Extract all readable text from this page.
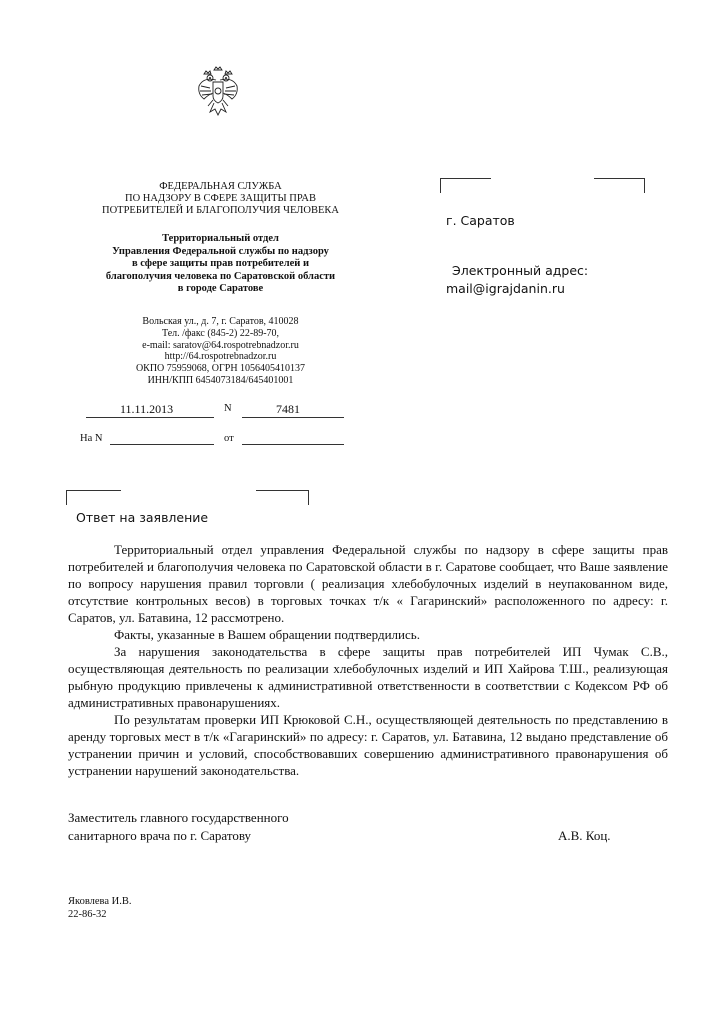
ФЕДЕРАЛЬНАЯ СЛУЖБА
ПО НАДЗОРУ В СФЕРЕ ЗАЩИТЫ ПРАВ
ПОТРЕБИТЕЛЕЙ И БЛАГОПОЛУЧИЯ ЧЕЛОВЕКА
Территориальный отдел
Управления Федеральной службы по надзору
в сфере защиты прав потребителей и
благополучия человека по Саратовской области
в городе Саратове
Вольская ул., д. 7, г. Саратов, 410028
Тел. /факс (845-2) 22-89-70,
e-mail: saratov@64.rospotrebnadzor.ru
http://64.rospotrebnadzor.ru
ОКПО 75959068, ОГРН 1056405410137
ИНН/КПП 6454073184/645401001
11.11.2013	N	7481
На N	от
г. Саратов
Электронный адрес:
mail@igrajdanin.ru
Ответ на заявление

Территориальный отдел управления Федеральной службы по надзору в сфере защиты прав потребителей и благополучия человека по Саратовской области в г. Саратове сообщает, что Ваше заявление по вопросу нарушения правил торговли ( реализация хлебобулочных изделий в неупакованном виде, отсутствие контрольных весов) в торговых точках т/к « Гагаринский» расположенного по адресу: г. Саратов, ул. Батавина, 12 рассмотрено.

Факты, указанные в Вашем обращении подтвердились.

За нарушения законодательства в сфере защиты прав потребителей ИП Чумак С.В., осуществляющая деятельность по реализации хлебобулочных изделий и ИП Хайрова Т.Ш., реализующая рыбную продукцию привлечены к административной ответственности в соответствии с Кодексом РФ об административных правонарушениях.

По результатам проверки ИП Крюковой С.Н., осуществляющей деятельность по представлению в аренду торговых мест в т/к «Гагаринский» по адресу: г. Саратов, ул. Батавина, 12 выдано представление об устранении причин и условий, способствовавших совершению административного правонарушения об устранении нарушений законодательства.

Заместитель главного государственного
санитарного врача по г. Саратову	А.В. Коц.
Яковлева И.В.
22-86-32
